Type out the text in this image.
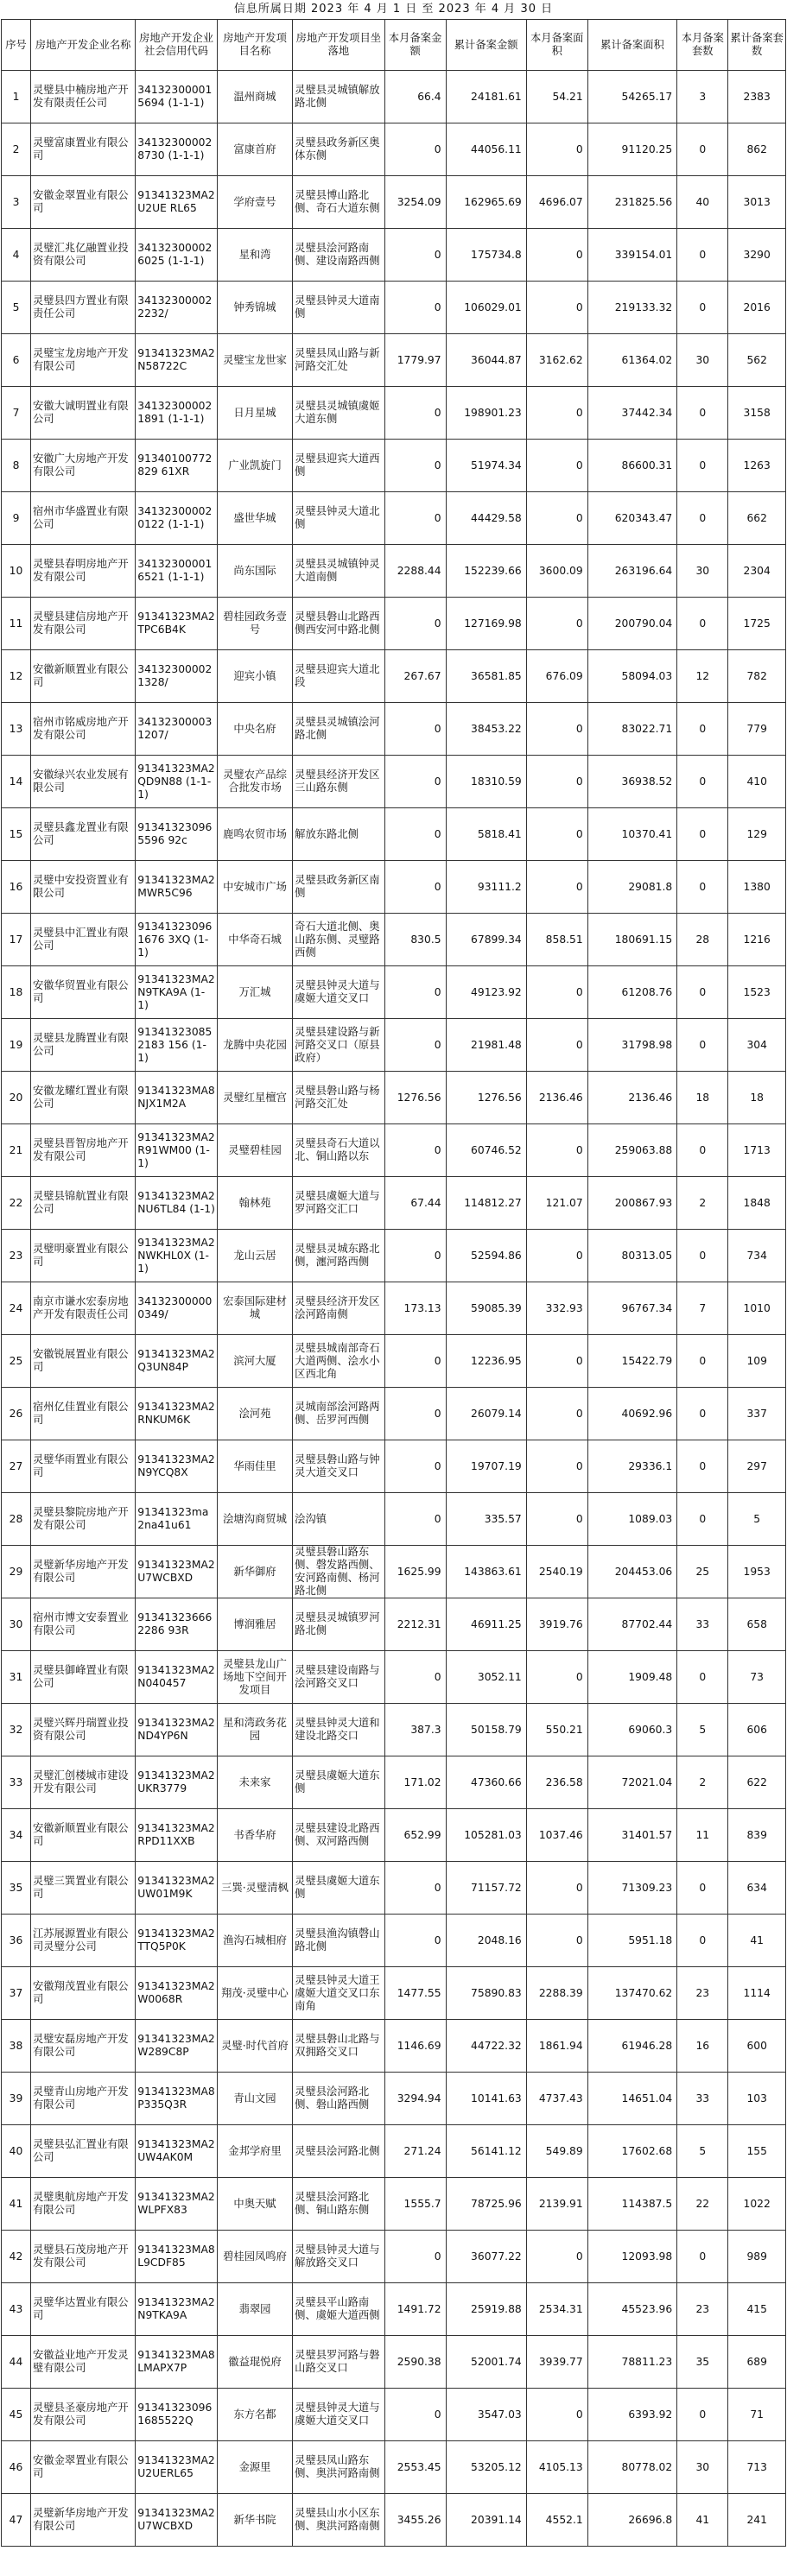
信息所属日期 2023 年 4 月 1 日 至 2023 年 4 月 30 日
序号	房地产开发企业名称	房地产开发企业社会信用代码	房地产开发项目名称	房地产开发项目坐落地	本月备案金额	累计备案金额	本月备案面积	累计备案面积	本月备案套数	累计备案套数
1	灵璧县中楠房地产开发有限责任公司	341323000015694 (1-1-1)	温州商城	灵璧县灵城镇解放路北侧	66.4	24181.61	54.21	54265.17	3	2383
2	灵璧富康置业有限公司	341323000028730 (1-1-1)	富康首府	灵璧县政务新区奥体东侧	0	44056.11	0	91120.25	0	862
3	安徽金翠置业有限公司	91341323MA2U2UE RL65	学府壹号	灵璧县博山路北侧、奇石大道东侧	3254.09	162965.69	4696.07	231825.56	40	3013
4	灵璧汇兆亿融置业投资有限公司	341323000026025 (1-1-1)	星和湾	灵璧县浍河路南侧、建设南路西侧	0	175734.8	0	339154.01	0	3290
5	灵璧县四方置业有限责任公司	341323000022232/	钟秀锦城	灵璧县钟灵大道南侧	0	106029.01	0	219133.32	0	2016
6	灵璧宝龙房地产开发有限公司	91341323MA2N58722C	灵璧宝龙世家	灵璧县凤山路与新河路交汇处	1779.97	36044.87	3162.62	61364.02	30	562
7	安徽大诚明置业有限公司	341323000021891 (1-1-1)	日月星城	灵璧县灵城镇虞姬大道东侧	0	198901.23	0	37442.34	0	3158
8	安徽广大房地产开发有限公司	91340100772829 61XR	广业凯旋门	灵璧县迎宾大道西侧	0	51974.34	0	86600.31	0	1263
9	宿州市华盛置业有限公司	341323000020122 (1-1-1)	盛世华城	灵璧县钟灵大道北侧	0	44429.58	0	620343.47	0	662
10	灵璧县春明房地产开发有限公司	341323000016521 (1-1-1)	尚东国际	灵璧县灵城镇钟灵大道南侧	2288.44	152239.66	3600.09	263196.64	30	2304
11	灵璧县建信房地产开发有限公司	91341323MA2TPC6B4K	碧桂园政务壹号	灵璧县磐山北路西侧西安河中路北侧	0	127169.98	0	200790.04	0	1725
12	安徽新顺置业有限公司	341323000021328/	迎宾小镇	灵璧县迎宾大道北段	267.67	36581.85	676.09	58094.03	12	782
13	宿州市铭威房地产开发有限公司	341323000031207/	中央名府	灵璧县灵城镇浍河路北侧	0	38453.22	0	83022.71	0	779
14	安徽绿兴农业发展有限公司	91341323MA2QD9N88 (1-1-1)	灵璧农产品综合批发市场	灵璧县经济开发区三山路东侧	0	18310.59	0	36938.52	0	410
15	灵璧县鑫龙置业有限公司	913413230965596 92c	鹿鸣农贸市场	解放东路北侧	0	5818.41	0	10370.41	0	129
16	灵璧中安投资置业有限公司	91341323MA2MWR5C96	中安城市广场	灵璧县政务新区南侧	0	93111.2	0	29081.8	0	1380
17	灵璧县中汇置业有限公司	913413230961676 3XQ (1-1)	中华奇石城	奇石大道北侧、奥山路东侧、灵璧路西侧	830.5	67899.34	858.51	180691.15	28	1216
18	安徽华贸置业有限公司	91341323MA2N9TKA9A (1-1)	万汇城	灵璧县钟灵大道与虞姬大道交叉口	0	49123.92	0	61208.76	0	1523
19	灵璧县龙腾置业有限公司	913413230852183 156 (1-1)	龙腾中央花园	灵璧县建设路与新河路交叉口（原县政府）	0	21981.48	0	31798.98	0	304
20	安徽龙耀红置业有限公司	91341323MA8NJX1M2A	灵璧红星檀宫	灵璧县磐山路与杨河路交汇处	1276.56	1276.56	2136.46	2136.46	18	18
21	灵璧县晋智房地产开发有限公司	91341323MA2R91WM00 (1-1)	灵璧碧桂园	灵璧县奇石大道以北、铜山路以东	0	60746.52	0	259063.88	0	1713
22	灵璧县锦航置业有限公司	91341323MA2NU6TL84 (1-1)	翰林苑	灵璧县虞姬大道与罗河路交汇口	67.44	114812.27	121.07	200867.93	2	1848
23	灵璧明豪置业有限公司	91341323MA2NWKHL0X (1-1)	龙山云居	灵璧县灵城东路北侧，瀍河路西侧	0	52594.86	0	80313.05	0	734
24	南京市谦水宏泰房地产开发有限责任公司	341323000000349/	宏泰国际建材城	灵璧县经济开发区浍河路南侧	173.13	59085.39	332.93	96767.34	7	1010
25	安徽锐展置业有限公司	91341323MA2Q3UN84P	滨河大厦	灵璧县城南部奇石大道两侧、浍水小区西北角	0	12236.95	0	15422.79	0	109
26	宿州亿佳置业有限公司	91341323MA2RNKUM6K	浍河苑	灵城南部浍河路两侧、岳罗河西侧	0	26079.14	0	40692.96	0	337
27	灵璧华雨置业有限公司	91341323MA2N9YCQ8X	华雨佳里	灵璧县磐山路与钟灵大道交叉口	0	19707.19	0	29336.1	0	297
28	灵璧县黎院房地产开发有限公司	91341323ma2na41u61	浍塘沟商贸城	浍沟镇	0	335.57	0	1089.03	0	5
29	灵璧新华房地产开发有限公司	91341323MA2U7WCBXD	新华御府	灵璧县磐山路东侧、磬发路西侧、安河路南侧、杨河路北侧	1625.99	143863.61	2540.19	204453.06	25	1953
30	宿州市博文安泰置业有限公司	913413236662286 93R	博润雅居	灵璧县灵城镇罗河路北侧	2212.31	46911.25	3919.76	87702.44	33	658
31	灵璧县御峰置业有限公司	91341323MA2N040457	灵璧县龙山广场地下空间开发项目	灵璧县建设南路与浍河路交叉口	0	3052.11	0	1909.48	0	73
32	灵璧兴辉丹瑞置业投资有限公司	91341323MA2ND4YP6N	星和湾政务花园	灵璧县钟灵大道和建设北路交口	387.3	50158.79	550.21	69060.3	5	606
33	灵璧汇创楼城市建设开发有限公司	91341323MA2UKR3779	未来家	灵璧县虞姬大道东侧	171.02	47360.66	236.58	72021.04	2	622
34	安徽新顺置业有限公司	91341323MA2RPD11XXB	书香华府	灵璧县建设北路西侧、双河路西侧	652.99	105281.03	1037.46	31401.57	11	839
35	灵璧三巽置业有限公司	91341323MA2UW01M9K	三巽·灵璧清枫	灵璧县虞姬大道东侧	0	71157.72	0	71309.23	0	634
36	江苏展源置业有限公司灵璧分公司	91341323MA2TTQ5P0K	渔沟石城相府	灵璧县渔沟镇磬山路北侧	0	2048.16	0	5951.18	0	41
37	安徽翔茂置业有限公司	91341323MA2W0068R	翔茂·灵璧中心	灵璧县钟灵大道王虞姬大道交叉口东南角	1477.55	75890.83	2288.39	137470.62	23	1114
38	灵璧安磊房地产开发有限公司	91341323MA2W289C8P	灵璧·时代首府	灵璧县磐山北路与双拥路交叉口	1146.69	44722.32	1861.94	61946.28	16	600
39	灵璧青山房地产开发有限公司	91341323MA8P335Q3R	青山文园	灵璧县浍河路北侧、磐山路西侧	3294.94	10141.63	4737.43	14651.04	33	103
40	灵璧县弘汇置业有限公司	91341323MA2UW4AK0M	金邦学府里	灵璧县浍河路北侧	271.24	56141.12	549.89	17602.68	5	155
41	灵璧奥航房地产开发有限公司	91341323MA2WLPFX83	中奥天赋	灵璧县浍河路北侧、铜山路东侧	1555.7	78725.96	2139.91	114387.5	22	1022
42	灵璧县石茂房地产开发有限公司	91341323MA8L9CDF85	碧桂园凤鸣府	灵璧县钟灵大道与解放路交叉口	0	36077.22	0	12093.98	0	989
43	灵璧华达置业有限公司	91341323MA2N9TKA9A	翡翠园	灵璧县平山路南侧、虞姬大道西侧	1491.72	25919.88	2534.31	45523.96	23	415
44	安徽益业地产开发灵璧有限公司	91341323MA8LMAPX7P	徽益琨悦府	灵璧县罗河路与磐山路交叉口	2590.38	52001.74	3939.77	78811.23	35	689
45	灵璧县圣豪房地产开发有限公司	913413230961685522Q	东方名都	灵璧县钟灵大道与虞姬大道交叉口	0	3547.03	0	6393.92	0	71
46	安徽金翠置业有限公司	91341323MA2U2UERL65	金源里	灵璧县凤山路东侧、奥洪河路南侧	2553.45	53205.12	4105.13	80778.02	30	713
47	灵璧新华房地产开发有限公司	91341323MA2U7WCBXD	新华书院	灵璧县山水小区东侧、奥洪河路南侧	3455.26	20391.14	4552.1	26696.8	41	241
